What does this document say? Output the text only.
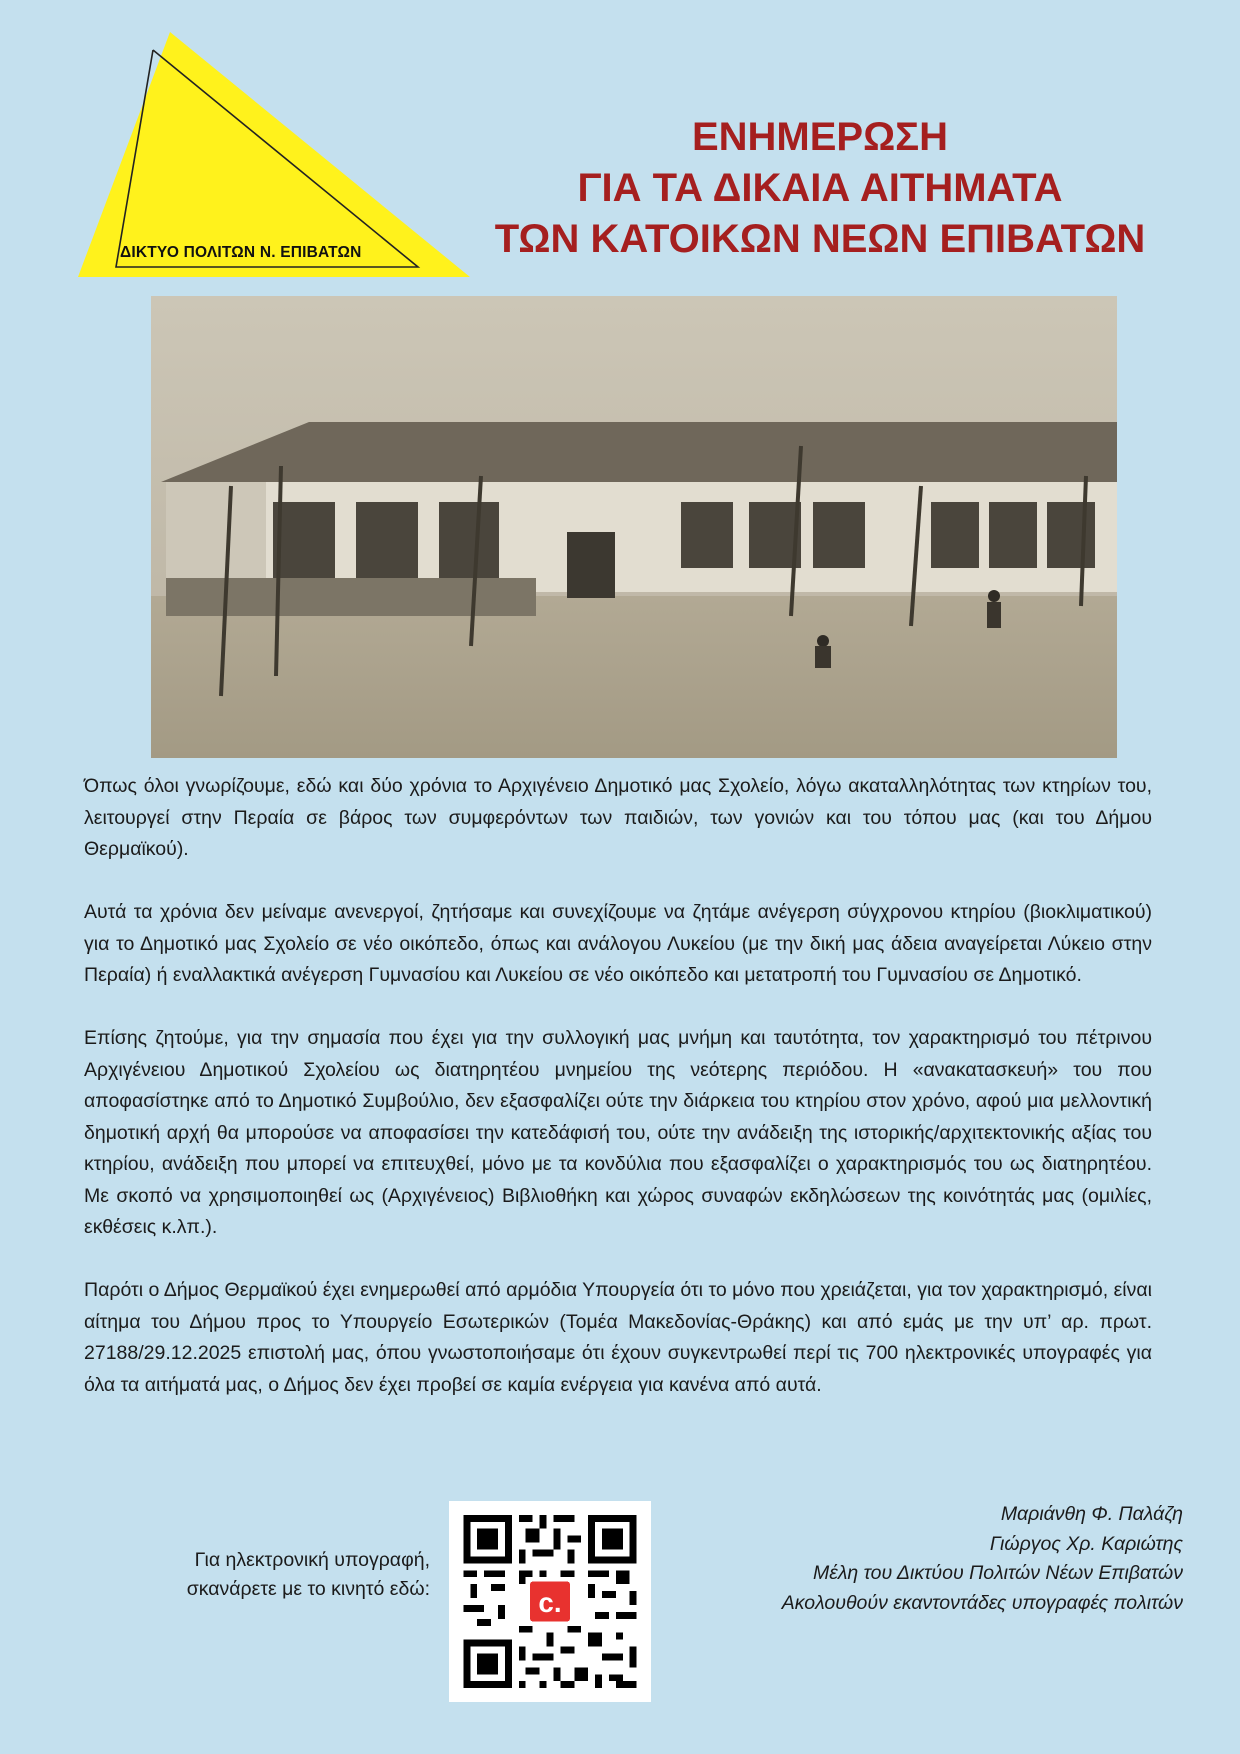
ΔΙΚΤΥΟ ΠΟΛΙΤΩΝ Ν. ΕΠΙΒΑΤΩΝ
ΕΝΗΜΕΡΩΣΗ
ΓΙΑ ΤΑ ΔΙΚΑΙΑ ΑΙΤΗΜΑΤΑ
ΤΩΝ ΚΑΤΟΙΚΩΝ ΝΕΩΝ ΕΠΙΒΑΤΩΝ

Όπως όλοι γνωρίζουμε, εδώ και δύο χρόνια το Αρχιγένειο Δημοτικό μας Σχολείο, λόγω ακαταλληλότητας των κτηρίων του, λειτουργεί στην Περαία σε βάρος των συμφερόντων των παιδιών, των γονιών και του τόπου μας (και του Δήμου Θερμαϊκού).

Αυτά τα χρόνια δεν μείναμε ανενεργοί, ζητήσαμε και συνεχίζουμε να ζητάμε ανέγερση σύγχρονου κτηρίου (βιοκλιματικού) για το Δημοτικό μας Σχολείο σε νέο οικόπεδο, όπως και ανάλογου Λυκείου (με την δική μας άδεια αναγείρεται Λύκειο στην Περαία) ή εναλλακτικά ανέγερση Γυμνασίου και Λυκείου σε νέο οικόπεδο και μετατροπή του Γυμνασίου σε Δημοτικό.

Επίσης ζητούμε, για την σημασία που έχει για την συλλογική μας μνήμη και ταυτότητα, τον χαρακτηρισμό του πέτρινου Αρχιγένειου Δημοτικού Σχολείου ως διατηρητέου μνημείου της νεότερης περιόδου. Η «ανακατασκευή» του που αποφασίστηκε από το Δημοτικό Συμβούλιο, δεν εξασφαλίζει ούτε την διάρκεια του κτηρίου στον χρόνο, αφού μια μελλοντική δημοτική αρχή θα μπορούσε να αποφασίσει την κατεδάφισή του, ούτε την ανάδειξη της ιστορικής/αρχιτεκτονικής αξίας του κτηρίου, ανάδειξη που μπορεί να επιτευχθεί, μόνο με τα κονδύλια που εξασφαλίζει ο χαρακτηρισμός του ως διατηρητέου. Με σκοπό να χρησιμοποιηθεί ως (Αρχιγένειος) Βιβλιοθήκη και χώρος συναφών εκδηλώσεων της κοινότητάς μας (ομιλίες, εκθέσεις κ.λπ.).

Παρότι ο Δήμος Θερμαϊκού έχει ενημερωθεί από αρμόδια Υπουργεία ότι το μόνο που χρειάζεται, για τον χαρακτηρισμό, είναι αίτημα του Δήμου προς το Υπουργείο Εσωτερικών (Τομέα Μακεδονίας-Θράκης) και από εμάς με την υπ’ αρ. πρωτ. 27188/29.12.2025 επιστολή μας, όπου γνωστοποιήσαμε ότι έχουν συγκεντρωθεί περί τις 700 ηλεκτρονικές υπογραφές για όλα τα αιτήματά μας, ο Δήμος δεν έχει προβεί σε καμία ενέργεια για κανένα από αυτά.

Για ηλεκτρονική υπογραφή,
σκανάρετε με το κινητό εδώ:	c.
Μαριάνθη Φ. Παλάζη
Γιώργος Χρ. Καριώτης
Μέλη του Δικτύου Πολιτών Νέων Επιβατών
Ακολουθούν εκαντοντάδες υπογραφές πολιτών
